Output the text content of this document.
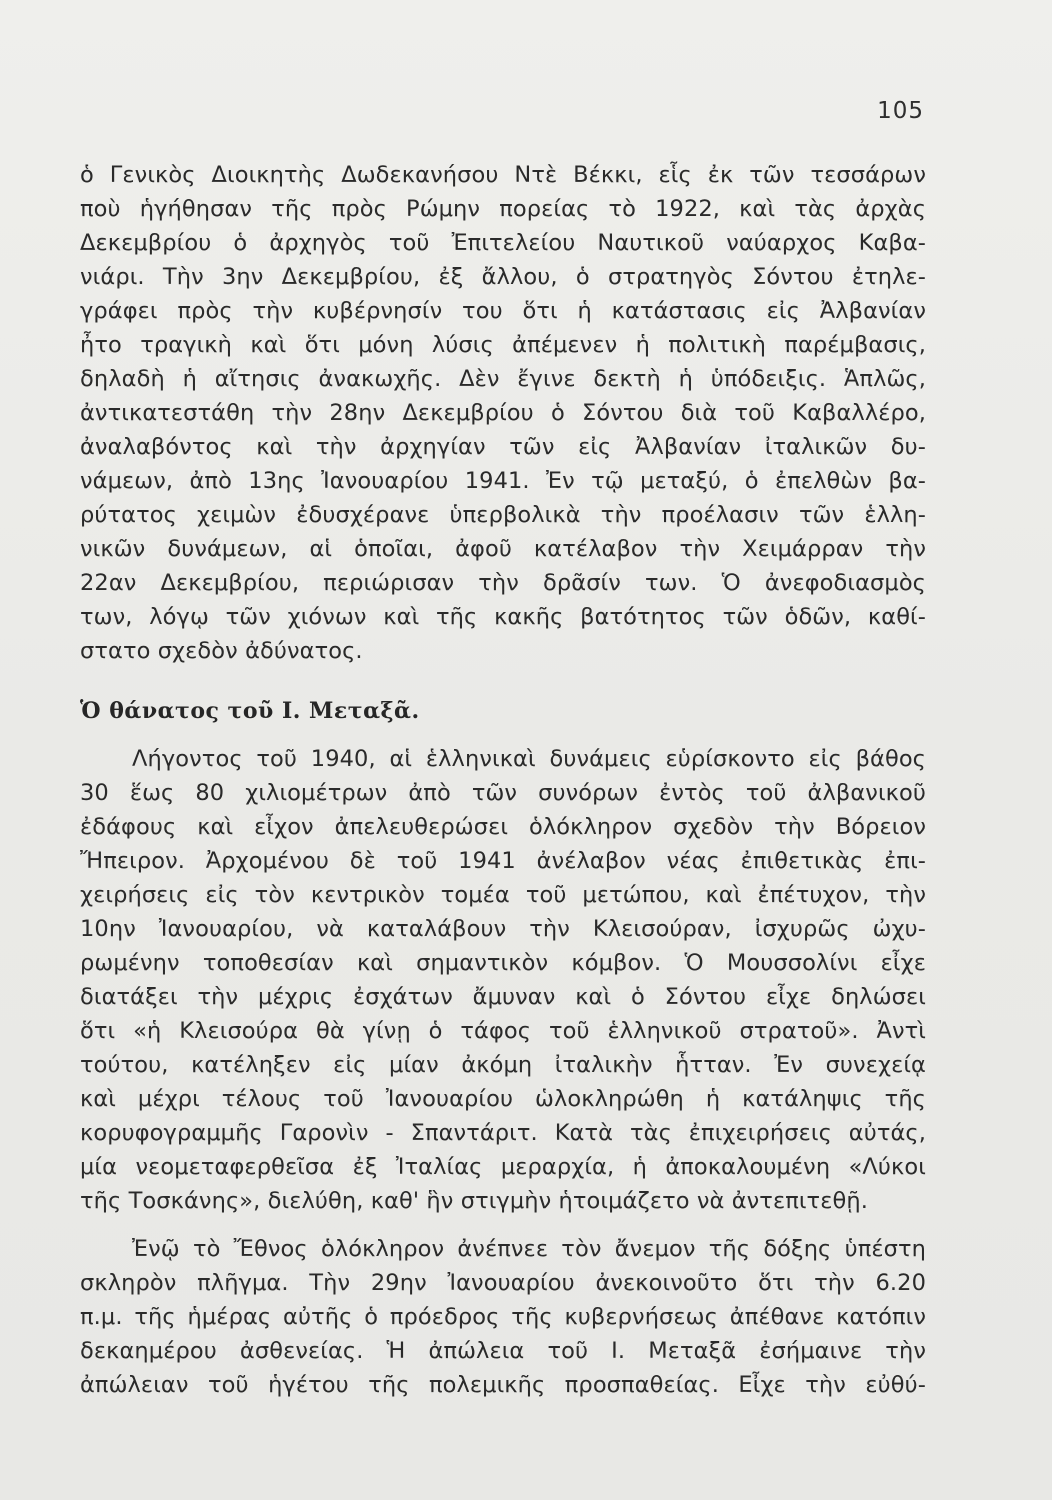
105
ὁ Γενικὸς Διοικητὴς Δωδεκανήσου Ντὲ Βέκκι, εἷς ἐκ τῶν τεσσάρων
ποὺ ἡγήθησαν τῆς πρὸς Ρώμην πορείας τὸ 1922, καὶ τὰς ἀρχὰς
Δεκεμβρίου ὁ ἀρχηγὸς τοῦ Ἐπιτελείου Ναυτικοῦ ναύαρχος Καβα-
νιάρι. Τὴν 3ην Δεκεμβρίου, ἐξ ἄλλου, ὁ στρατηγὸς Σόντου ἐτηλε-
γράφει πρὸς τὴν κυβέρνησίν του ὅτι ἡ κατάστασις εἰς Ἀλβανίαν
ἦτο τραγικὴ καὶ ὅτι μόνη λύσις ἀπέμενεν ἡ πολιτικὴ παρέμβασις,
δηλαδὴ ἡ αἴτησις ἀνακωχῆς. Δὲν ἔγινε δεκτὴ ἡ ὑπόδειξις. Ἁπλῶς,
ἀντικατεστάθη τὴν 28ην Δεκεμβρίου ὁ Σόντου διὰ τοῦ Καβαλλέρο,
ἀναλαβόντος καὶ τὴν ἀρχηγίαν τῶν εἰς Ἀλβανίαν ἰταλικῶν δυ-
νάμεων, ἀπὸ 13ης Ἰανουαρίου 1941. Ἐν τῷ μεταξύ, ὁ ἐπελθὼν βα-
ρύτατος χειμὼν ἐδυσχέρανε ὑπερβολικὰ τὴν προέλασιν τῶν ἑλλη-
νικῶν δυνάμεων, αἱ ὁποῖαι, ἀφοῦ κατέλαβον τὴν Χειμάρραν τὴν
22αν Δεκεμβρίου, περιώρισαν τὴν δρᾶσίν των. Ὁ ἀνεφοδιασμὸς
των, λόγῳ τῶν χιόνων καὶ τῆς κακῆς βατότητος τῶν ὁδῶν, καθί-
στατο σχεδὸν ἀδύνατος.
Ὁ θάνατος τοῦ Ι. Μεταξᾶ.
Λήγοντος τοῦ 1940, αἱ ἑλληνικαὶ δυνάμεις εὑρίσκοντο εἰς βάθος
30 ἕως 80 χιλιομέτρων ἀπὸ τῶν συνόρων ἐντὸς τοῦ ἀλβανικοῦ
ἐδάφους καὶ εἶχον ἀπελευθερώσει ὁλόκληρον σχεδὸν τὴν Βόρειον
Ἤπειρον. Ἀρχομένου δὲ τοῦ 1941 ἀνέλαβον νέας ἐπιθετικὰς ἐπι-
χειρήσεις εἰς τὸν κεντρικὸν τομέα τοῦ μετώπου, καὶ ἐπέτυχον, τὴν
10ην Ἰανουαρίου, νὰ καταλάβουν τὴν Κλεισούραν, ἰσχυρῶς ὠχυ-
ρωμένην τοποθεσίαν καὶ σημαντικὸν κόμβον. Ὁ Μουσσολίνι εἶχε
διατάξει τὴν μέχρις ἐσχάτων ἄμυναν καὶ ὁ Σόντου εἶχε δηλώσει
ὅτι «ἡ Κλεισούρα θὰ γίνῃ ὁ τάφος τοῦ ἑλληνικοῦ στρατοῦ». Ἀντὶ
τούτου, κατέληξεν εἰς μίαν ἀκόμη ἰταλικὴν ἧτταν. Ἐν συνεχείᾳ
καὶ μέχρι τέλους τοῦ Ἰανουαρίου ὡλοκληρώθη ἡ κατάληψις τῆς
κορυφογραμμῆς Γαρονὶν - Σπαντάριτ. Κατὰ τὰς ἐπιχειρήσεις αὐτάς,
μία νεομεταφερθεῖσα ἐξ Ἰταλίας μεραρχία, ἡ ἀποκαλουμένη «Λύκοι
τῆς Τοσκάνης», διελύθη, καθ' ἣν στιγμὴν ἡτοιμάζετο νὰ ἀντεπιτεθῇ.
Ἐνῷ τὸ Ἔθνος ὁλόκληρον ἀνέπνεε τὸν ἄνεμον τῆς δόξης ὑπέστη
σκληρὸν πλῆγμα. Τὴν 29ην Ἰανουαρίου ἀνεκοινοῦτο ὅτι τὴν 6.20
π.μ. τῆς ἡμέρας αὐτῆς ὁ πρόεδρος τῆς κυβερνήσεως ἀπέθανε κατόπιν
δεκαημέρου ἀσθενείας. Ἡ ἀπώλεια τοῦ Ι. Μεταξᾶ ἐσήμαινε τὴν
ἀπώλειαν τοῦ ἡγέτου τῆς πολεμικῆς προσπαθείας. Εἶχε τὴν εὐθύ-
